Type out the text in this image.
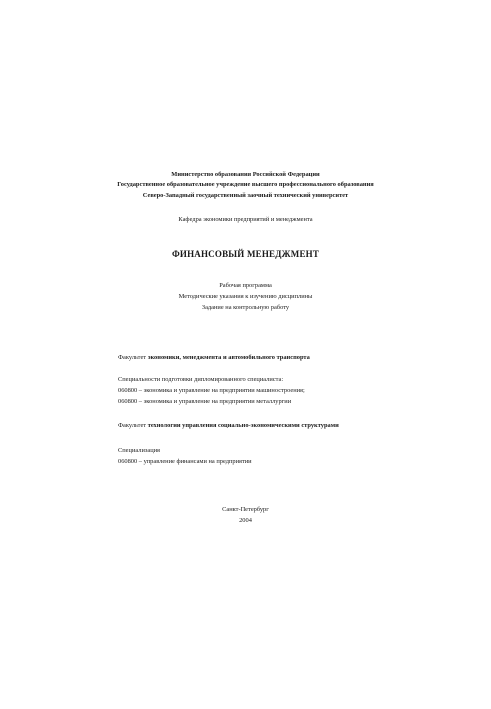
Министерство образования Российской Федерации
Государственное образовательное учреждение высшего профессионального образования
Северо-Западный государственный заочный технический университет
Кафедра экономики предприятий и менеджмента
ФИНАНСОВЫЙ МЕНЕДЖМЕНТ
Рабочая программа
Методические указания к изучению дисциплины
Задание на контрольную работу
Факультет экономики, менеджмента и автомобильного транспорта
Специальности подготовки дипломированного специалиста:
060800 – экономика и управление на предприятии машиностроения;
060800 – экономика и управление на предприятии металлургии
Факультет технологии управления социально-экономическими структурами
Специализация
060800 – управление финансами на предприятии
Санкт-Петербург
2004
